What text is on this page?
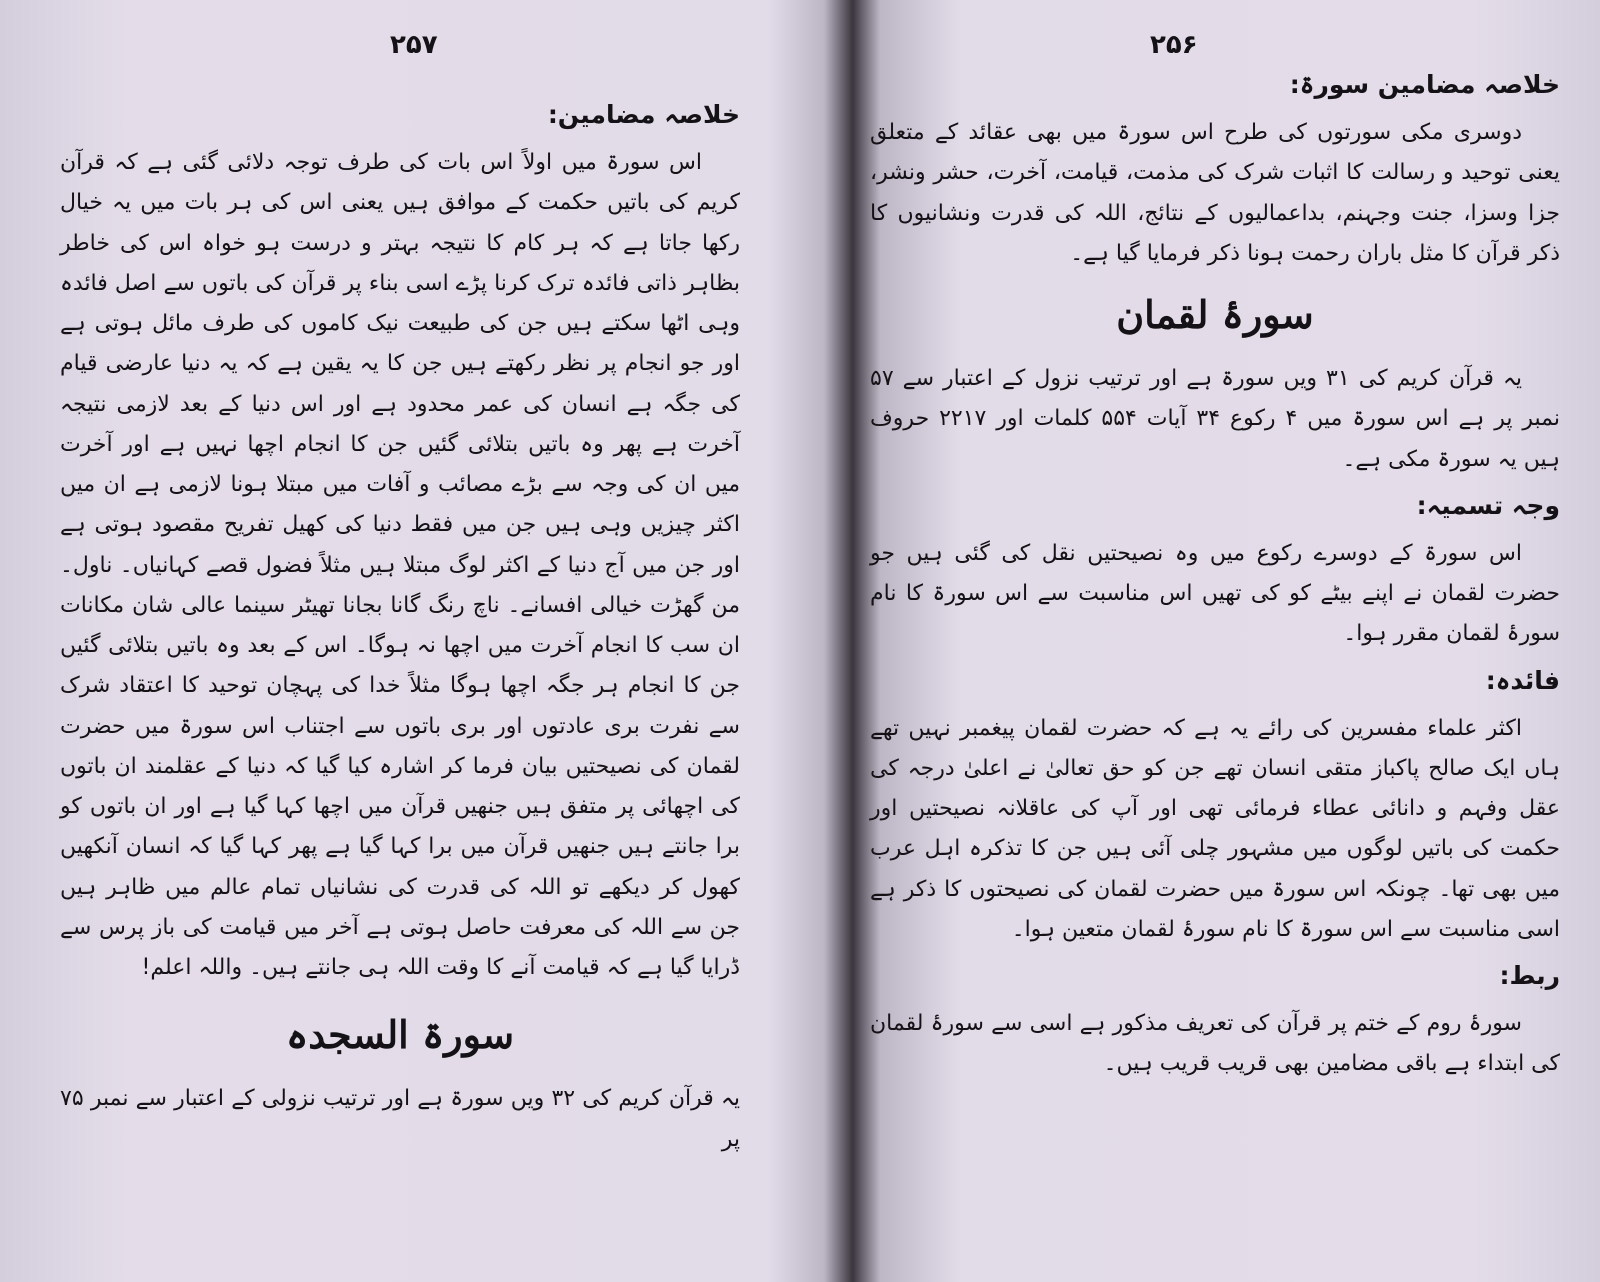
۲۵۷
خلاصہ مضامین:

اس سورۃ میں اولاً اس بات کی طرف توجہ دلائی گئی ہے کہ قرآن کریم کی باتیں حکمت کے موافق ہیں یعنی اس کی ہر بات میں یہ خیال رکھا جاتا ہے کہ ہر کام کا نتیجہ بہتر و درست ہو خواہ اس کی خاطر بظاہر ذاتی فائدہ ترک کرنا پڑے اسی بناء پر قرآن کی باتوں سے اصل فائدہ وہی اٹھا سکتے ہیں جن کی طبیعت نیک کاموں کی طرف مائل ہوتی ہے اور جو انجام پر نظر رکھتے ہیں جن کا یہ یقین ہے کہ یہ دنیا عارضی قیام کی جگہ ہے انسان کی عمر محدود ہے اور اس دنیا کے بعد لازمی نتیجہ آخرت ہے پھر وہ باتیں بتلائی گئیں جن کا انجام اچھا نہیں ہے اور آخرت میں ان کی وجہ سے بڑے مصائب و آفات میں مبتلا ہونا لازمی ہے ان میں اکثر چیزیں وہی ہیں جن میں فقط دنیا کی کھیل تفریح مقصود ہوتی ہے اور جن میں آج دنیا کے اکثر لوگ مبتلا ہیں مثلاً فضول قصے کہانیاں۔ ناول۔ من گھڑت خیالی افسانے۔ ناچ رنگ گانا بجانا تھیٹر سینما عالی شان مکانات ان سب کا انجام آخرت میں اچھا نہ ہوگا۔ اس کے بعد وہ باتیں بتلائی گئیں جن کا انجام ہر جگہ اچھا ہوگا مثلاً خدا کی پہچان توحید کا اعتقاد شرک سے نفرت بری عادتوں اور بری باتوں سے اجتناب اس سورۃ میں حضرت لقمان کی نصیحتیں بیان فرما کر اشارہ کیا گیا کہ دنیا کے عقلمند ان باتوں کی اچھائی پر متفق ہیں جنھیں قرآن میں اچھا کہا گیا ہے اور ان باتوں کو برا جانتے ہیں جنھیں قرآن میں برا کہا گیا ہے پھر کہا گیا کہ انسان آنکھیں کھول کر دیکھے تو اللہ کی قدرت کی نشانیاں تمام عالم میں ظاہر ہیں جن سے اللہ کی معرفت حاصل ہوتی ہے آخر میں قیامت کی باز پرس سے ڈرایا گیا ہے کہ قیامت آنے کا وقت اللہ ہی جانتے ہیں۔ واللہ اعلم!

سورۃ السجدہ

یہ قرآن کریم کی ۳۲ ویں سورۃ ہے اور ترتیب نزولی کے اعتبار سے نمبر ۷۵ پر

۲۵۶
خلاصہ مضامین سورۃ:

دوسری مکی سورتوں کی طرح اس سورۃ میں بھی عقائد کے متعلق یعنی توحید و رسالت کا اثبات شرک کی مذمت، قیامت، آخرت، حشر ونشر، جزا وسزا، جنت وجہنم، بداعمالیوں کے نتائج، اللہ کی قدرت ونشانیوں کا ذکر قرآن کا مثل باران رحمت ہونا ذکر فرمایا گیا ہے۔

سورۂ لقمان

یہ قرآن کریم کی ۳۱ ویں سورۃ ہے اور ترتیب نزول کے اعتبار سے ۵۷ نمبر پر ہے اس سورۃ میں ۴ رکوع ۳۴ آیات ۵۵۴ کلمات اور ۲۲۱۷ حروف ہیں یہ سورۃ مکی ہے۔

وجہ تسمیہ:

اس سورۃ کے دوسرے رکوع میں وہ نصیحتیں نقل کی گئی ہیں جو حضرت لقمان نے اپنے بیٹے کو کی تھیں اس مناسبت سے اس سورۃ کا نام سورۂ لقمان مقرر ہوا۔

فائدہ:

اکثر علماء مفسرین کی رائے یہ ہے کہ حضرت لقمان پیغمبر نہیں تھے ہاں ایک صالح پاکباز متقی انسان تھے جن کو حق تعالیٰ نے اعلیٰ درجہ کی عقل وفہم و دانائی عطاء فرمائی تھی اور آپ کی عاقلانہ نصیحتیں اور حکمت کی باتیں لوگوں میں مشہور چلی آئی ہیں جن کا تذکرہ اہل عرب میں بھی تھا۔ چونکہ اس سورۃ میں حضرت لقمان کی نصیحتوں کا ذکر ہے اسی مناسبت سے اس سورۃ کا نام سورۂ لقمان متعین ہوا۔

ربط:

سورۂ روم کے ختم پر قرآن کی تعریف مذکور ہے اسی سے سورۂ لقمان کی ابتداء ہے باقی مضامین بھی قریب قریب ہیں۔
